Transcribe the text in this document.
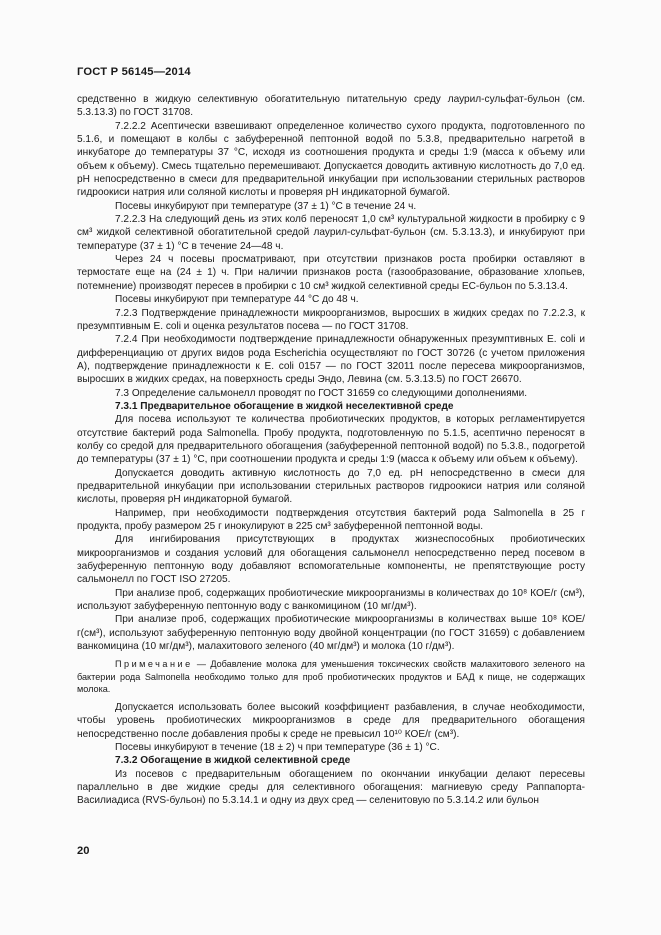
ГОСТ Р 56145—2014

средственно в жидкую селективную обогатительную питательную среду лаурил-сульфат-бульон (см. 5.3.13.3) по ГОСТ 31708.

7.2.2.2 Асептически взвешивают определенное количество сухого продукта, подготовленного по 5.1.6, и помещают в колбы с забуференной пептонной водой по 5.3.8, предварительно нагретой в инкубаторе до температуры 37 °С, исходя из соотношения продукта и среды 1:9 (масса к объему или объем к объему). Смесь тщательно перемешивают. Допускается доводить активную кислотность до 7,0 ед. рН непосредственно в смеси для предварительной инкубации при использовании стерильных растворов гидроокиси натрия или соляной кислоты и проверяя рН индикаторной бумагой.

Посевы инкубируют при температуре (37 ± 1) °С в течение 24 ч.

7.2.2.3 На следующий день из этих колб переносят 1,0 см³ культуральной жидкости в пробирку с 9 см³ жидкой селективной обогатительной средой лаурил-сульфат-бульон (см. 5.3.13.3), и инкубируют при температуре (37 ± 1) °С в течение 24—48 ч.

Через 24 ч посевы просматривают, при отсутствии признаков роста пробирки оставляют в термостате еще на (24 ± 1) ч. При наличии признаков роста (газообразование, образование хлопьев, потемнение) производят пересев в пробирки с 10 см³ жидкой селективной среды ЕС-бульон по 5.3.13.4.

Посевы инкубируют при температуре 44 °С до 48 ч.

7.2.3 Подтверждение принадлежности микроорганизмов, выросших в жидких средах по 7.2.2.3, к презумптивным E. coli и оценка результатов посева — по ГОСТ 31708.

7.2.4 При необходимости подтверждение принадлежности обнаруженных презумптивных E. coli и дифференциацию от других видов рода Escherichia осуществляют по ГОСТ 30726 (с учетом приложения А), подтверждение принадлежности к E. coli 0157 — по ГОСТ 32011 после пересева микроорганизмов, выросших в жидких средах, на поверхность среды Эндо, Левина (см. 5.3.13.5) по ГОСТ 26670.

7.3 Определение сальмонелл проводят по ГОСТ 31659 со следующими дополнениями.

7.3.1 Предварительное обогащение в жидкой неселективной среде

Для посева используют те количества пробиотических продуктов, в которых регламентируется отсутствие бактерий рода Salmonella. Пробу продукта, подготовленную по 5.1.5, асептично переносят в колбу со средой для предварительного обогащения (забуференной пептонной водой) по 5.3.8., подогретой до температуры (37 ± 1) °С, при соотношении продукта и среды 1:9 (масса к объему или объем к объему).

Допускается доводить активную кислотность до 7,0 ед. рН непосредственно в смеси для предварительной инкубации при использовании стерильных растворов гидроокиси натрия или соляной кислоты, проверяя рН индикаторной бумагой.

Например, при необходимости подтверждения отсутствия бактерий рода Salmonella в 25 г продукта, пробу размером 25 г инокулируют в 225 см³ забуференной пептонной воды.

Для ингибирования присутствующих в продуктах жизнеспособных пробиотических микроорганизмов и создания условий для обогащения сальмонелл непосредственно перед посевом в забуференную пептонную воду добавляют вспомогательные компоненты, не препятствующие росту сальмонелл по ГОСТ ISO 27205.

При анализе проб, содержащих пробиотические микроорганизмы в количествах до 10⁸ КОЕ/г (см³), используют забуференную пептонную воду с ванкомицином (10 мг/дм³).

При анализе проб, содержащих пробиотические микроорганизмы в количествах выше 10⁸ КОЕ/г(см³), используют забуференную пептонную воду двойной концентрации (по ГОСТ 31659) с добавлением ванкомицина (10 мг/дм³), малахитового зеленого (40 мг/дм³) и молока (10 г/дм³).

Примечание — Добавление молока для уменьшения токсических свойств малахитового зеленого на бактерии рода Salmonella необходимо только для проб пробиотических продуктов и БАД к пище, не содержащих молока.

Допускается использовать более высокий коэффициент разбавления, в случае необходимости, чтобы уровень пробиотических микроорганизмов в среде для предварительного обогащения непосредственно после добавления пробы к среде не превысил 10¹⁰ КОЕ/г (см³).

Посевы инкубируют в течение (18 ± 2) ч при температуре (36 ± 1) °С.

7.3.2 Обогащение в жидкой селективной среде

Из посевов с предварительным обогащением по окончании инкубации делают пересевы параллельно в две жидкие среды для селективного обогащения: магниевую среду Раппапорта-Василиадиса (RVS-бульон) по 5.3.14.1 и одну из двух сред — селенитовую по 5.3.14.2 или бульон

20
